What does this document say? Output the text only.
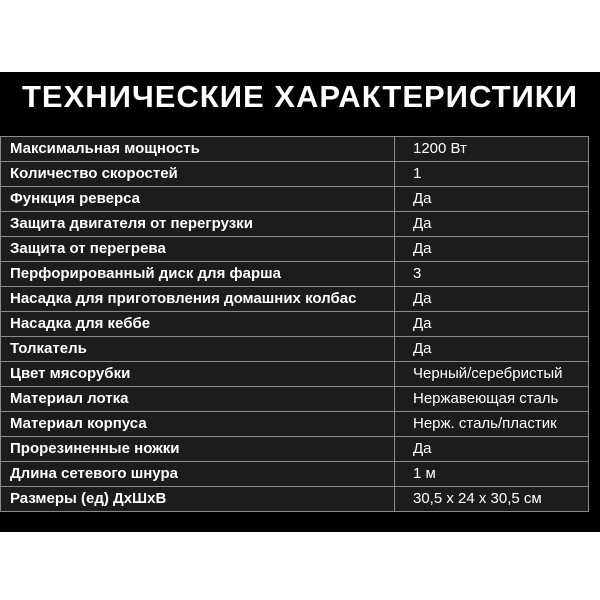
ТЕХНИЧЕСКИЕ ХАРАКТЕРИСТИКИ
Максимальная мощность	1200 Вт
Количество скоростей	1
Функция реверса	Да
Защита двигателя от перегрузки	Да
Защита от перегрева	Да
Перфорированный диск для фарша	3
Насадка для приготовления домашних колбас	Да
Насадка для кеббе	Да
Толкатель	Да
Цвет мясорубки	Черный/серебристый
Материал лотка	Нержавеющая сталь
Материал корпуса	Нерж. сталь/пластик
Прорезиненные ножки	Да
Длина сетевого шнура	1 м
Размеры (ед) ДхШхВ	30,5 x 24 x 30,5 см
